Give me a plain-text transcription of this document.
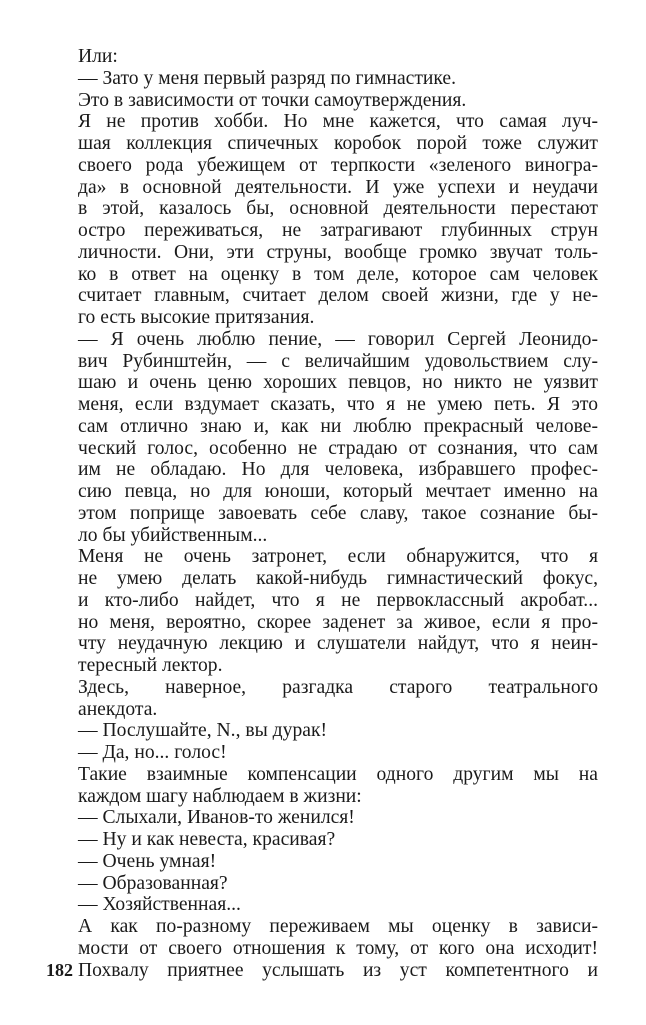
Или:
— Зато у меня первый разряд по гимнастике.
Это в зависимости от точки самоутверждения.
Я не против хобби. Но мне кажется, что самая луч-
шая коллекция спичечных коробок порой тоже служит
своего рода убежищем от терпкости «зеленого виногра-
да» в основной деятельности. И уже успехи и неудачи
в этой, казалось бы, основной деятельности перестают
остро переживаться, не затрагивают глубинных струн
личности. Они, эти струны, вообще громко звучат толь-
ко в ответ на оценку в том деле, которое сам человек
считает главным, считает делом своей жизни, где у не-
го есть высокие притязания.
— Я очень люблю пение, — говорил Сергей Леонидо-
вич Рубинштейн, — с величайшим удовольствием слу-
шаю и очень ценю хороших певцов, но никто не уязвит
меня, если вздумает сказать, что я не умею петь. Я это
сам отлично знаю и, как ни люблю прекрасный челове-
ческий голос, особенно не страдаю от сознания, что сам
им не обладаю. Но для человека, избравшего профес-
сию певца, но для юноши, который мечтает именно на
этом поприще завоевать себе славу, такое сознание бы-
ло бы убийственным...
Меня не очень затронет, если обнаружится, что я
не умею делать какой-нибудь гимнастический фокус,
и кто-либо найдет, что я не первоклассный акробат...
но меня, вероятно, скорее заденет за живое, если я про-
чту неудачную лекцию и слушатели найдут, что я неин-
тересный лектор.
Здесь, наверное, разгадка старого театрального
анекдота.
— Послушайте, N., вы дурак!
— Да, но... голос!
Такие взаимные компенсации одного другим мы на
каждом шагу наблюдаем в жизни:
— Слыхали, Иванов-то женился!
— Ну и как невеста, красивая?
— Очень умная!
— Образованная?
— Хозяйственная...
А как по-разному переживаем мы оценку в зависи-
мости от своего отношения к тому, от кого она исходит!
Похвалу приятнее услышать из уст компетентного и
182
